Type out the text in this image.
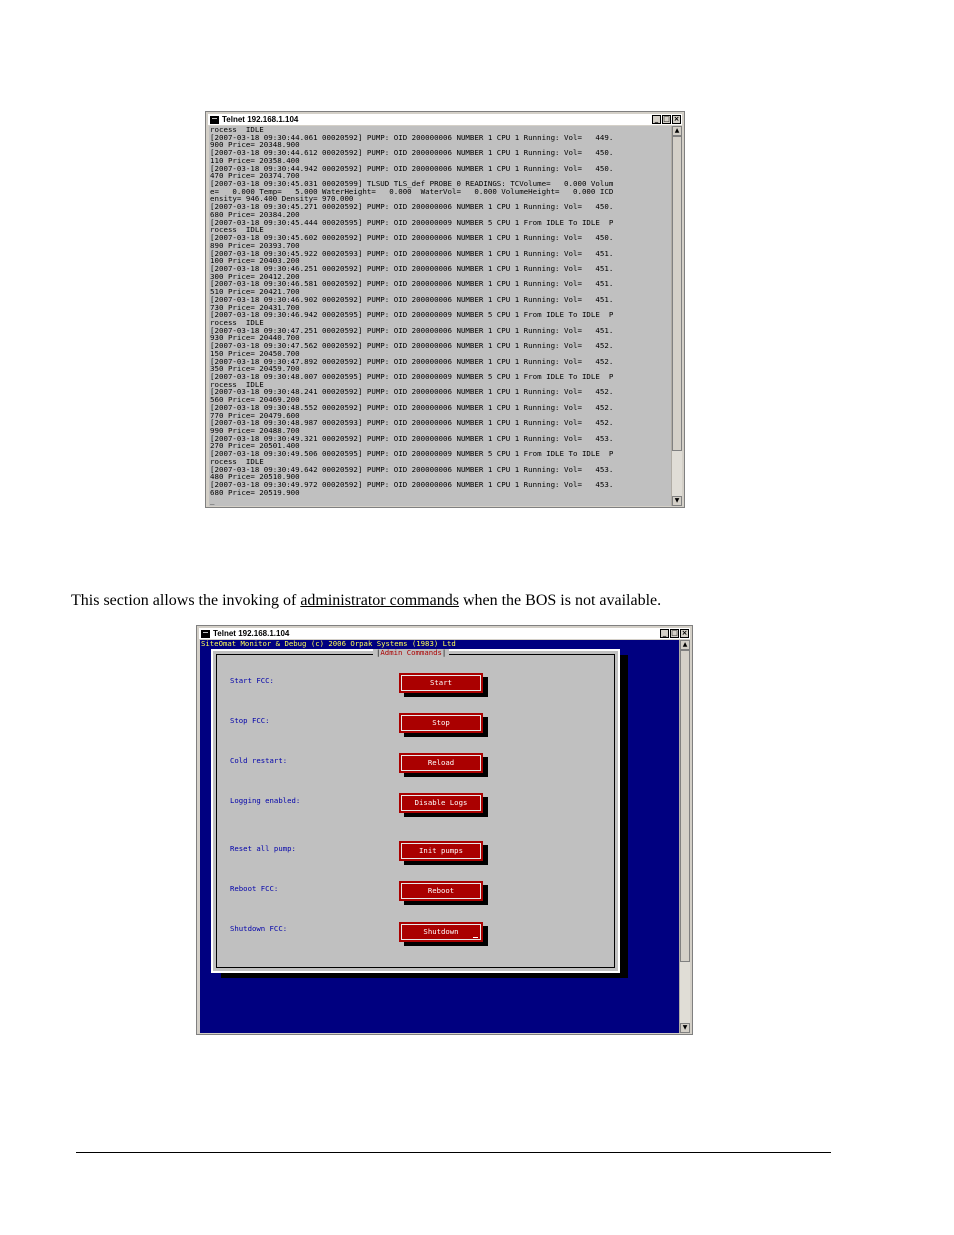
Telnet 192.168.1.104	_ □ ×
rocess  IDLE
[2007-03-18 09:30:44.061 00020592] PUMP: OID 200000006 NUMBER 1 CPU 1 Running: Vol=   449.
900 Price= 20348.900
[2007-03-18 09:30:44.612 00020592] PUMP: OID 200000006 NUMBER 1 CPU 1 Running: Vol=   450.
110 Price= 20358.400
[2007-03-18 09:30:44.942 00020592] PUMP: OID 200000006 NUMBER 1 CPU 1 Running: Vol=   450.
470 Price= 20374.700
[2007-03-18 09:30:45.031 00020599] TLSUD TLS_def PROBE 0 READINGS: TCVolume=   0.000 Volum
e=   0.000 Temp=   5.000 WaterHeight=   0.000  WaterVol=   0.000 VolumeHeight=   0.000 ICD
ensity= 946.400 Density= 970.000
[2007-03-18 09:30:45.271 00020592] PUMP: OID 200000006 NUMBER 1 CPU 1 Running: Vol=   450.
680 Price= 20384.200
[2007-03-18 09:30:45.444 00020595] PUMP: OID 200000009 NUMBER 5 CPU 1 From IDLE To IDLE  P
rocess  IDLE
[2007-03-18 09:30:45.602 00020592] PUMP: OID 200000006 NUMBER 1 CPU 1 Running: Vol=   450.
890 Price= 20393.700
[2007-03-18 09:30:45.922 00020593] PUMP: OID 200000006 NUMBER 1 CPU 1 Running: Vol=   451.
100 Price= 20403.200
[2007-03-18 09:30:46.251 00020592] PUMP: OID 200000006 NUMBER 1 CPU 1 Running: Vol=   451.
300 Price= 20412.200
[2007-03-18 09:30:46.581 00020592] PUMP: OID 200000006 NUMBER 1 CPU 1 Running: Vol=   451.
510 Price= 20421.700
[2007-03-18 09:30:46.902 00020592] PUMP: OID 200000006 NUMBER 1 CPU 1 Running: Vol=   451.
730 Price= 20431.700
[2007-03-18 09:30:46.942 00020595] PUMP: OID 200000009 NUMBER 5 CPU 1 From IDLE To IDLE  P
rocess  IDLE
[2007-03-18 09:30:47.251 00020592] PUMP: OID 200000006 NUMBER 1 CPU 1 Running: Vol=   451.
930 Price= 20440.700
[2007-03-18 09:30:47.562 00020592] PUMP: OID 200000006 NUMBER 1 CPU 1 Running: Vol=   452.
150 Price= 20450.700
[2007-03-18 09:30:47.892 00020592] PUMP: OID 200000006 NUMBER 1 CPU 1 Running: Vol=   452.
350 Price= 20459.700
[2007-03-18 09:30:48.007 00020595] PUMP: OID 200000009 NUMBER 5 CPU 1 From IDLE To IDLE  P
rocess  IDLE
[2007-03-18 09:30:48.241 00020592] PUMP: OID 200000006 NUMBER 1 CPU 1 Running: Vol=   452.
560 Price= 20469.200
[2007-03-18 09:30:48.552 00020592] PUMP: OID 200000006 NUMBER 1 CPU 1 Running: Vol=   452.
770 Price= 20479.600
[2007-03-18 09:30:48.987 00020593] PUMP: OID 200000006 NUMBER 1 CPU 1 Running: Vol=   452.
990 Price= 20488.700
[2007-03-18 09:30:49.321 00020592] PUMP: OID 200000006 NUMBER 1 CPU 1 Running: Vol=   453.
270 Price= 20501.400
[2007-03-18 09:30:49.506 00020595] PUMP: OID 200000009 NUMBER 5 CPU 1 From IDLE To IDLE  P
rocess  IDLE
[2007-03-18 09:30:49.642 00020592] PUMP: OID 200000006 NUMBER 1 CPU 1 Running: Vol=   453.
480 Price= 20510.900
[2007-03-18 09:30:49.972 00020592] PUMP: OID 200000006 NUMBER 1 CPU 1 Running: Vol=   453.
680 Price= 20519.900
_
▲
▼
This section allows the invoking of administrator commands when the BOS is not available.
Telnet 192.168.1.104	_ □ ×
SiteOmat Monitor & Debug (c) 2006 Orpak Systems (1983) Ltd
| Admin Commands |
Start FCC:	Start
Stop FCC:	Stop
Cold restart:	Reload
Logging enabled:	Disable Logs
Reset all pump:	Init pumps
Reboot FCC:	Reboot
Shutdown FCC:	Shutdown
▲
▼
